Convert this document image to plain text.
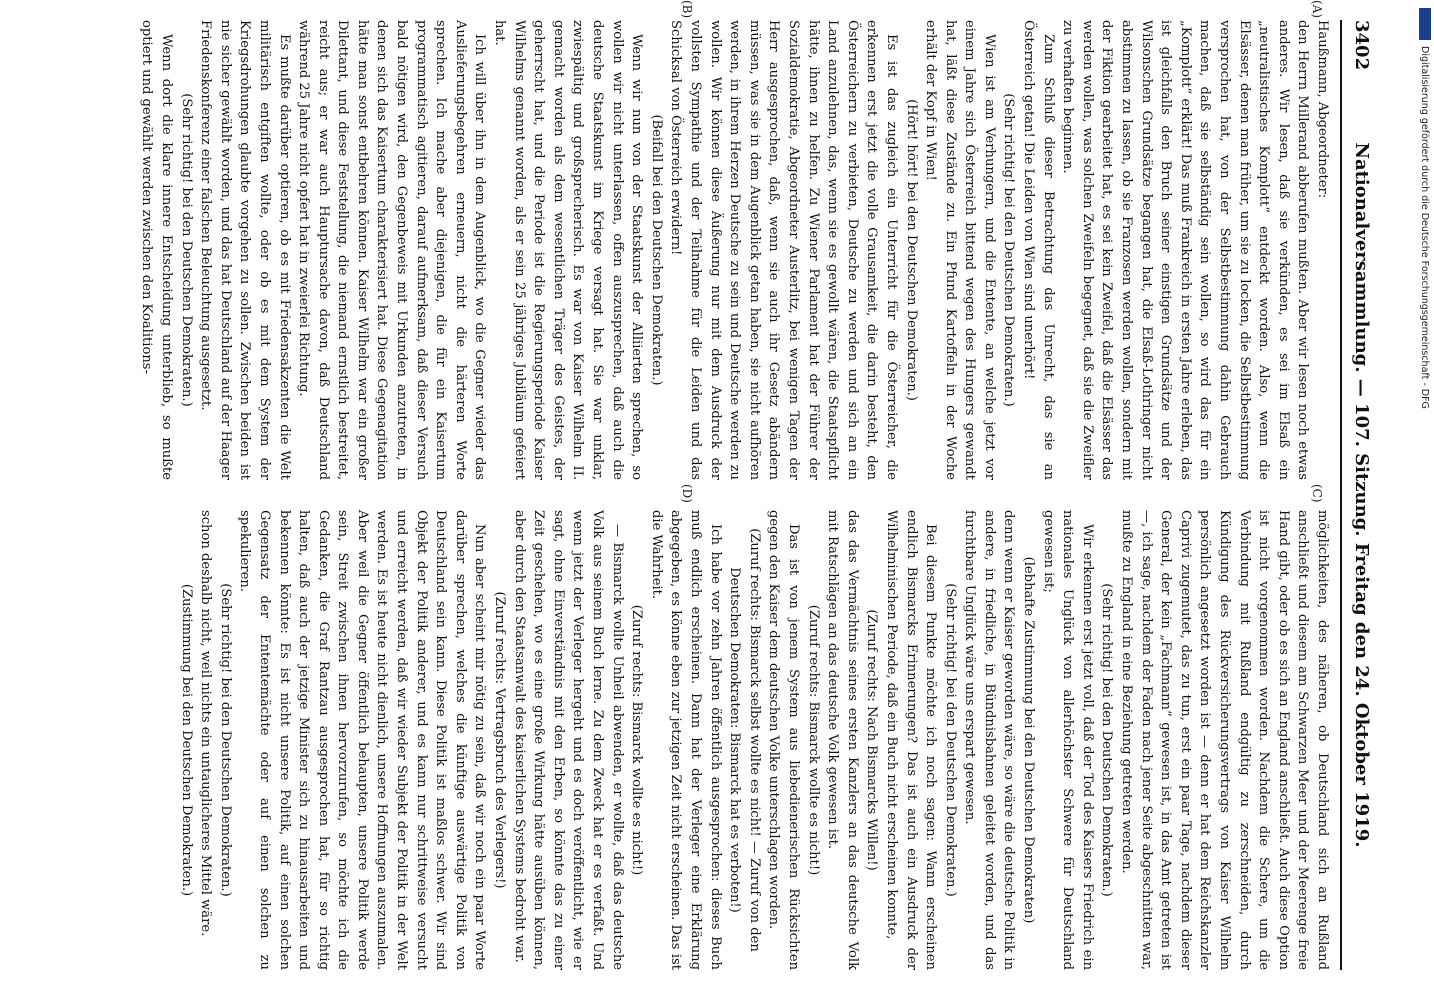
3402
Nationalversammlung. — 107. Sitzung. Freitag den 24. Oktober 1919.
(A)
(B)
(C)
(D)

Haußmann, Abgeordneter:

den Herrn Millerand abberufen mußten. Aber wir lesen noch etwas anderes. Wir lesen, daß sie verkünden, es sei im Elsaß ein „neutralistisches Komplott“ entdeckt worden. Also, wenn die Elsässer, denen man früher, um sie zu locken, die Selbstbestimmung versprochen hat, von der Selbstbestimmung dahin Gebrauch machen, daß sie selbständig sein wollen, so wird das für ein „Komplott“ erklärt! Das muß Frankreich in ersten Jahre erleben, das ist gleichfalls den Bruch seiner einstigen Grundsätze und der Wilsonschen Grundsätze begangen hat, die Elsaß-Lothringer nicht abstimmen zu lassen, ob sie Franzosen werden wollen, sondern mit der Fiktion gearbeitet hat, es sei kein Zweifel, daß die Elsässer das werden wollen, was solchen Zweifeln begegnet, daß sie die Zweifler zu verhaften beginnen.

Zum Schluß dieser Betrachtung das Unrecht, das sie an Österreich getan! Die Leiden von Wien sind unerhört!

(Sehr richtig! bei den Deutschen Demokraten.)

Wien ist am Verhungern, und die Entente, an welche jetzt vor einem Jahre sich Österreich bittend wegen des Hungers gewandt hat, läßt diese Zustände zu. Ein Pfund Kartoffeln in der Woche erhält der Kopf in Wien!

(Hört! hört! bei den Deutschen Demokraten.)

Es ist das zugleich ein Unterricht für die Österreicher, die erkennen erst jetzt die volle Grausamkeit, die darin besteht, den Österreichern zu verbieten, Deutsche zu werden und sich an ein Land anzulehnen, das, wenn sie es gewollt wären, die Staatspflicht hätte, ihnen zu helfen. Zu Wiener Parlament hat der Führer der Sozialdemokratie, Abgeordneter Austerlitz, bei wenigen Tagen der Herr ausgesprochen, daß, wenn sie auch ihr Gesetz abändern müssen, was sie in dem Augenblick getan haben, sie nicht aufhören werden, in ihrem Herzen Deutsche zu sein und Deutsche werden zu wollen. Wir können diese Äußerung nur mit dem Ausdruck der vollsten Sympathie und der Teilnahme für die Leiden und das Schicksal von Österreich erwidern!

(Beifall bei den Deutschen Demokraten.)

Wenn wir nun von der Staatskunst der Alliierten sprechen, so wollen wir nicht unterlassen, offen auszusprechen, daß auch die deutsche Staatskunst im Kriege versagt hat. Sie war unklar, zwiespältig und großsprecherisch. Es war von Kaiser Wilhelm II. gemacht worden als dem wesentlichen Träger des Geistes, der geherrscht hat, und die Periode ist die Regierungsperiode Kaiser Wilhelms genannt worden, als er sein 25 jähriges Jubiläum gefeiert hat.

Ich will über ihn in dem Augenblick, wo die Gegner wieder das Auslieferungsbegehren erneuern, nicht die härteren Worte sprechen. Ich mache aber diejenigen, die für ein Kaisertum programmatisch agitieren, darauf aufmerksam, daß dieser Versuch bald nötigen wird, den Gegenbeweis mit Urkunden anzutreten, in denen sich das Kaisertum charakterisiert hat. Diese Gegenagitation hätte man sonst entbehren können. Kaiser Wilhelm war ein großer Dilettant, und diese Feststellung, die niemand ernstlich bestreitet, reicht aus; er war auch Hauptursache davon, daß Deutschland während 25 Jahre nicht opfert hat in zweierlei Richtung.

Es mußte darüber optieren, ob es mit Friedensakzenten die Welt militärisch entgiften wollte, oder ob es mit dem System der Kriegsdrohungen glaubte vorgehen zu sollen. Zwischen beiden ist nie sicher gewählt worden, und das hat Deutschland auf der Haager Friedenskonferenz einer falschen Beleuchtung ausgesetzt.

(Sehr richtig! bei den Deutschen Demokraten.)

Wenn dort die klare innere Entscheidung unterblieb, so mußte optiert und gewählt werden zwischen den Koalitions-

möglichkeiten, des näheren, ob Deutschland sich an Rußland anschließt und diesem am Schwarzen Meer und der Meerenge freie Hand gibt, oder ob es sich an England anschließt. Auch diese Option ist nicht vorgenommen worden. Nachdem die Schere, um die Verbindung mit Rußland endgültig zu zerschneiden, durch Kündigung des Rückversicherungsvertrags von Kaiser Wilhelm persönlich angesetzt worden ist — denn er hat dem Reichskanzler Caprivi zugemutet, das zu tun, erst ein paar Tage, nachdem dieser General, der kein „Fachmann“ gewesen ist, in das Amt getreten ist —, ich sage, nachdem der Faden nach jener Seite abgeschnitten war, mußte zu England in eine Beziehung getreten werden.

(Sehr richtig! bei den Deutschen Demokraten.)

Wir erkennen erst jetzt voll, daß der Tod des Kaisers Friedrich ein nationales Unglück von allerhöchster Schwere für Deutschland gewesen ist;

(lebhafte Zustimmung bei den Deutschen Demokraten)

denn wenn er Kaiser geworden wäre, so wäre die deutsche Politik in andere, in friedliche, in Bündnisbahnen geleitet worden, und das furchtbare Unglück wäre uns erspart gewesen.

(Sehr richtig! bei den Deutschen Demokraten.)

Bei diesem Punkte möchte ich noch sagen: Wann erscheinen endlich Bismarcks Erinnerungen? Das ist auch ein Ausdruck der Wilhelminischen Periode, daß ein Buch nicht erscheinen konnte,

(Zuruf rechts: Nach Bismarcks Willen!)

das das Vermächtnis seines ersten Kanzlers an das deutsche Volk mit Ratschlägen an das deutsche Volk gewesen ist.

(Zuruf rechts: Bismarck wollte es nicht!)

Das ist von jenem System aus liebedienerischen Rücksichten gegen den Kaiser dem deutschen Volke unterschlagen worden.

(Zuruf rechts: Bismarck selbst wollte es nicht! — Zuruf von den Deutschen Demokraten: Bismarck hat es verboten!)

Ich habe vor zehn Jahren öffentlich ausgesprochen: dieses Buch muß endlich erscheinen. Dann hat der Verleger eine Erklärung abgegeben, es könne eben zur jetzigen Zeit nicht erscheinen. Das ist die Wahrheit.

(Zuruf rechts: Bismarck wollte es nicht!)

— Bismarck wollte Unheil abwenden, er wollte, daß das deutsche Volk aus seinem Buch lerne. Zu dem Zweck hat er es verfaßt. Und wenn jetzt der Verleger hergeht und es doch veröffentlicht, wie er sagt, ohne Einverständnis mit den Erben, so könnte das zu einer Zeit geschehen, wo es eine große Wirkung hätte ausüben können, aber durch den Staatsanwalt des kaiserlichen Systems bedroht war.

(Zuruf rechts: Vertragsbruch des Verlegers!)

Nun aber scheint mir nötig zu sein, daß wir noch ein paar Worte darüber sprechen, welches die künftige auswärtige Politik von Deutschland sein kann. Diese Politik ist maßlos schwer. Wir sind Objekt der Politik anderer, und es kann nur schrittweise versucht und erreicht werden, daß wir wieder Subjekt der Politik in der Welt werden. Es ist heute nicht dienlich, unsere Hoffnungen auszumalen. Aber weil die Gegner öffentlich behaupten, unsere Politik werde sein, Streit zwischen ihnen hervorzurufen, so möchte ich die Gedanken, die Graf Rantzau ausgesprochen hat, für so richtig halten, daß auch der jetzige Minister sich zu hinausarbeiten und bekennen könnte: Es ist nicht unsere Politik, auf einen solchen Gegensatz der Ententemächte oder auf einen solchen zu spekulieren.

(Sehr richtig! bei den Deutschen Demokraten.)

schon deshalb nicht, weil nichts ein untauglicheres Mittel wäre.

(Zustimmung bei den Deutschen Demokraten.)

Digitalisierung gefördert durch die Deutsche Forschungsgemeinschaft - DFG
